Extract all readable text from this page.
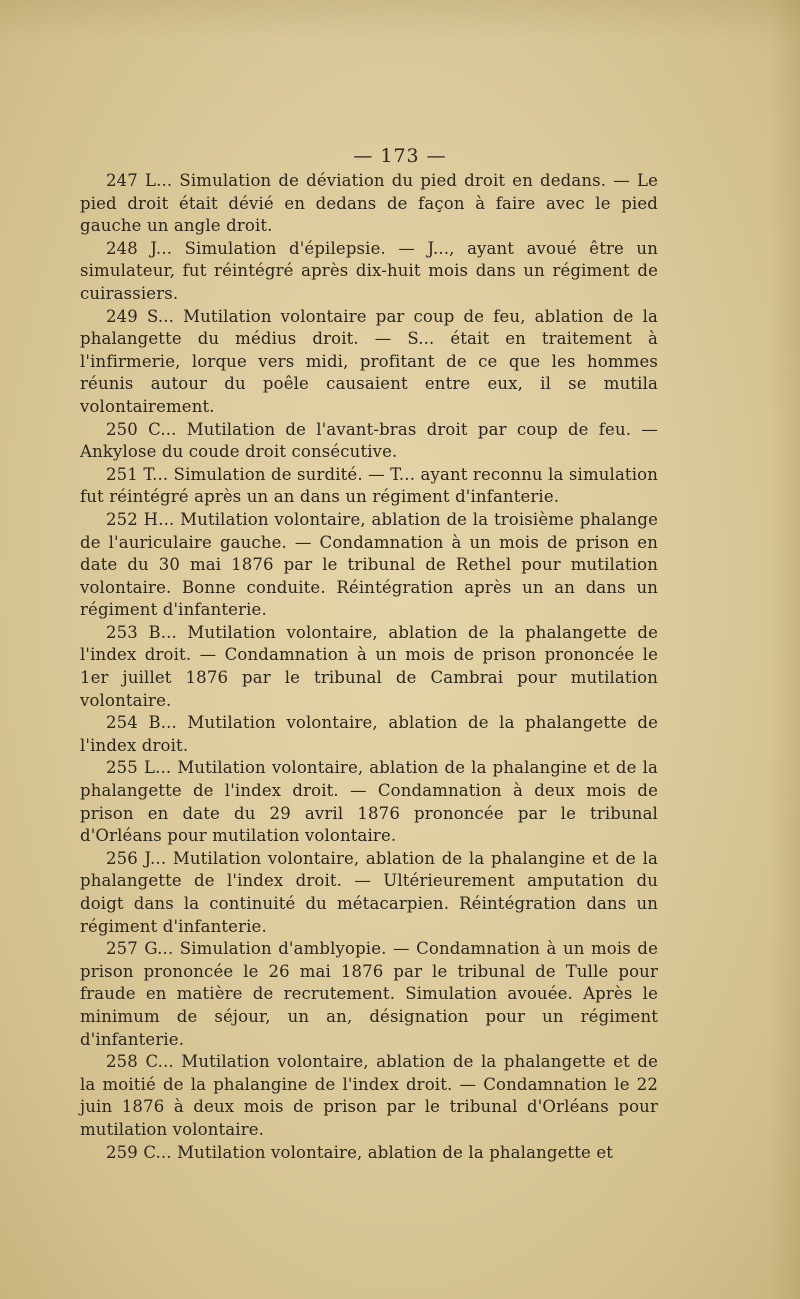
— 173 —

247 L... Simulation de déviation du pied droit en dedans. — Le pied droit était dévié en dedans de façon à faire avec le pied gauche un angle droit.

248 J... Simulation d'épilepsie. — J..., ayant avoué être un simulateur, fut réintégré après dix-huit mois dans un régiment de cuirassiers.

249 S... Mutilation volontaire par coup de feu, ablation de la phalangette du médius droit. — S... était en traitement à l'infirmerie, lorque vers midi, profitant de ce que les hommes réunis autour du poêle causaient entre eux, il se mutila volontairement.

250 C... Mutilation de l'avant-bras droit par coup de feu. — Ankylose du coude droit consécutive.

251 T... Simulation de surdité. — T... ayant reconnu la simulation fut réintégré après un an dans un régiment d'infanterie.

252 H... Mutilation volontaire, ablation de la troisième phalange de l'auriculaire gauche. — Condamnation à un mois de prison en date du 30 mai 1876 par le tribunal de Rethel pour mutilation volontaire. Bonne conduite. Réintégration après un an dans un régiment d'infanterie.

253 B... Mutilation volontaire, ablation de la phalangette de l'index droit. — Condamnation à un mois de prison prononcée le 1er juillet 1876 par le tribunal de Cambrai pour mutilation volontaire.

254 B... Mutilation volontaire, ablation de la phalangette de l'index droit.

255 L... Mutilation volontaire, ablation de la phalangine et de la phalangette de l'index droit. — Condamnation à deux mois de prison en date du 29 avril 1876 prononcée par le tribunal d'Orléans pour mutilation volontaire.

256 J... Mutilation volontaire, ablation de la phalangine et de la phalangette de l'index droit. — Ultérieurement amputation du doigt dans la continuité du métacarpien. Réintégration dans un régiment d'infanterie.

257 G... Simulation d'amblyopie. — Condamnation à un mois de prison prononcée le 26 mai 1876 par le tribunal de Tulle pour fraude en matière de recrutement. Simulation avouée. Après le minimum de séjour, un an, désignation pour un régiment d'infanterie.

258 C... Mutilation volontaire, ablation de la phalangette et de la moitié de la phalangine de l'index droit. — Condamnation le 22 juin 1876 à deux mois de prison par le tribunal d'Orléans pour mutilation volontaire.

259 C... Mutilation volontaire, ablation de la phalangette et
